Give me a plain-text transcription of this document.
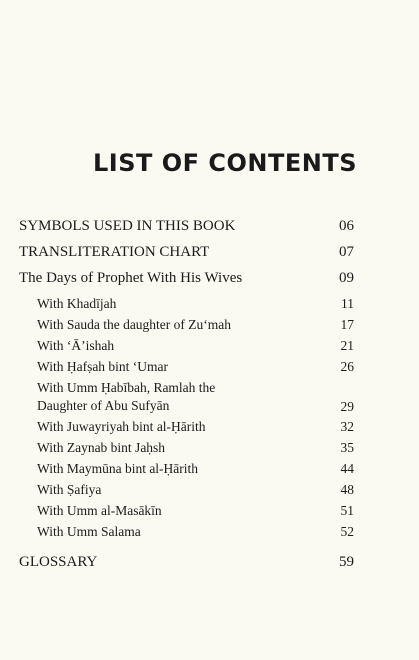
LIST OF CONTENTS
SYMBOLS USED IN THIS BOOK	06
TRANSLITERATION CHART	07
The Days of Prophet With His Wives	09
With Khadījah	11
With Sauda the daughter of Zu‘mah	17
With ‘Ā’ishah	21
With Ḥafṣah bint ‘Umar	26
With Umm Ḥabībah, Ramlah the Daughter of Abu Sufyān	29
With Juwayriyah bint al-Ḥārith	32
With Zaynab bint Jaḥsh	35
With Maymūna bint al-Ḥārith	44
With Ṣafiya	48
With Umm al-Masākīn	51
With Umm Salama	52
GLOSSARY	59
